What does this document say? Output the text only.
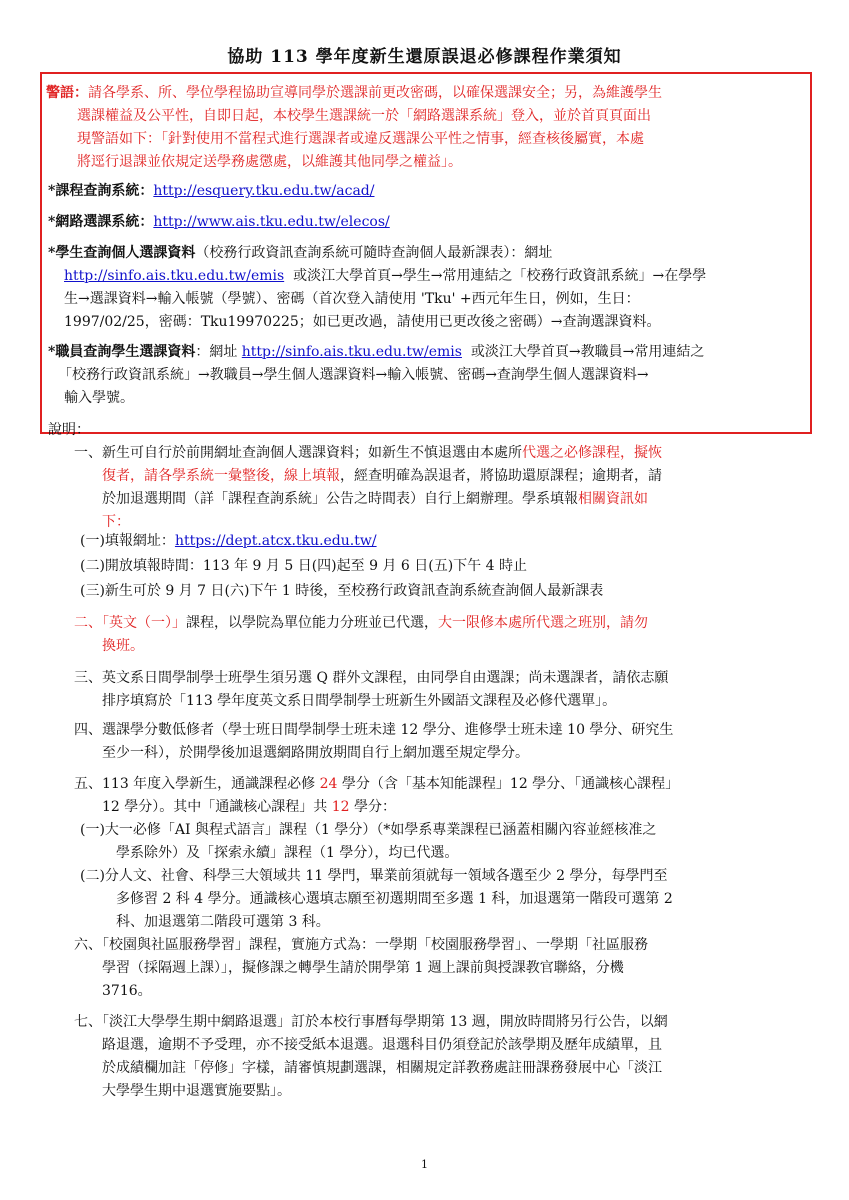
協助 113 學年度新生還原誤退必修課程作業須知
警語：請各學系、所、學位學程協助宣導同學於選課前更改密碼，以確保選課安全；另，為維護學生
選課權益及公平性，自即日起，本校學生選課統一於「網路選課系統」登入，並於首頁頁面出
現警語如下：「針對使用不當程式進行選課者或違反選課公平性之情事，經查核後屬實，本處
將逕行退課並依規定送學務處懲處，以維護其他同學之權益」。
*課程查詢系統：http://esquery.tku.edu.tw/acad/
*網路選課系統：http://www.ais.tku.edu.tw/elecos/
*學生查詢個人選課資料（校務行政資訊查詢系統可隨時查詢個人最新課表）：網址
http://sinfo.ais.tku.edu.tw/emis 或淡江大學首頁→學生→常用連結之「校務行政資訊系統」→在學學
生→選課資料→輸入帳號（學號）、密碼（首次登入請使用 'Tku' +西元年生日，例如，生日：
1997/02/25，密碼：Tku19970225；如已更改過，請使用已更改後之密碼）→查詢選課資料。
*職員查詢學生選課資料：網址 http://sinfo.ais.tku.edu.tw/emis 或淡江大學首頁→教職員→常用連結之
「校務行政資訊系統」→教職員→學生個人選課資料→輸入帳號、密碼→查詢學生個人選課資料→
輸入學號。
說明：
一、新生可自行於前開網址查詢個人選課資料；如新生不慎退選由本處所代選之必修課程，擬恢
復者，請各學系統一彙整後，線上填報，經查明確為誤退者，將協助還原課程；逾期者，請
於加退選期間（詳「課程查詢系統」公告之時間表）自行上網辦理。學系填報相關資訊如
下：
(一)填報網址：https://dept.atcx.tku.edu.tw/
(二)開放填報時間：113 年 9 月 5 日(四)起至 9 月 6 日(五)下午 4 時止
(三)新生可於 9 月 7 日(六)下午 1 時後，至校務行政資訊查詢系統查詢個人最新課表
二、「英文（一）」課程，以學院為單位能力分班並已代選，大一限修本處所代選之班別，請勿
換班。
三、英文系日間學制學士班學生須另選 Q 群外文課程，由同學自由選課；尚未選課者，請依志願
排序填寫於「113 學年度英文系日間學制學士班新生外國語文課程及必修代選單」。
四、選課學分數低修者（學士班日間學制學士班未達 12 學分、進修學士班未達 10 學分、研究生
至少一科），於開學後加退選網路開放期間自行上網加選至規定學分。
五、113 年度入學新生，通識課程必修 24 學分（含「基本知能課程」12 學分、「通識核心課程」
12 學分）。其中「通識核心課程」共 12 學分：
(一)大一必修「AI 與程式語言」課程（1 學分）（*如學系專業課程已涵蓋相關內容並經核准之
學系除外）及「探索永續」課程（1 學分），均已代選。
(二)分人文、社會、科學三大領域共 11 學門，畢業前須就每一領域各選至少 2 學分，每學門至
多修習 2 科 4 學分。通識核心選填志願至初選期間至多選 1 科，加退選第一階段可選第 2
科、加退選第二階段可選第 3 科。
六、「校園與社區服務學習」課程，實施方式為：一學期「校園服務學習」、一學期「社區服務
學習（採隔週上課）」，擬修課之轉學生請於開學第 1 週上課前與授課教官聯絡，分機
3716。
七、「淡江大學學生期中網路退選」訂於本校行事曆每學期第 13 週，開放時間將另行公告，以網
路退選，逾期不予受理，亦不接受紙本退選。退選科目仍須登記於該學期及歷年成績單，且
於成績欄加註「停修」字樣，請審慎規劃選課，相關規定詳教務處註冊課務發展中心「淡江
大學學生期中退選實施要點」。
1
